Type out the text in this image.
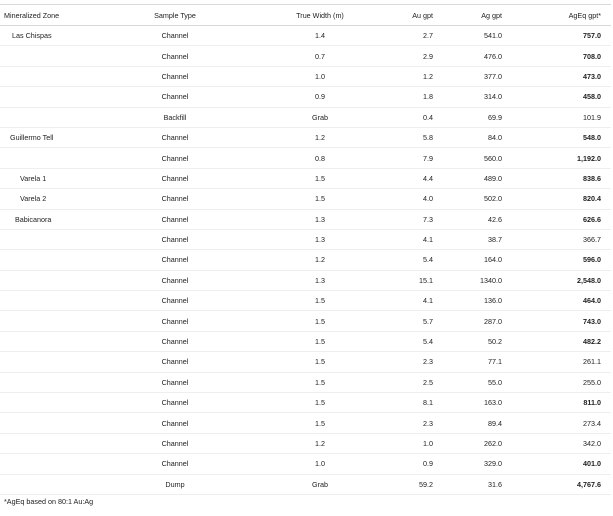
Mineralized Zone	Sample Type	True Width (m)	Au gpt	Ag gpt	AgEq gpt*
Las Chispas	Channel	1.4	2.7	541.0	757.0
	Channel	0.7	2.9	476.0	708.0
	Channel	1.0	1.2	377.0	473.0
	Channel	0.9	1.8	314.0	458.0
	Backfill	Grab	0.4	69.9	101.9
Guillermo Tell	Channel	1.2	5.8	84.0	548.0
	Channel	0.8	7.9	560.0	1,192.0
Varela 1	Channel	1.5	4.4	489.0	838.6
Varela 2	Channel	1.5	4.0	502.0	820.4
Babicanora	Channel	1.3	7.3	42.6	626.6
	Channel	1.3	4.1	38.7	366.7
	Channel	1.2	5.4	164.0	596.0
	Channel	1.3	15.1	1340.0	2,548.0
	Channel	1.5	4.1	136.0	464.0
	Channel	1.5	5.7	287.0	743.0
	Channel	1.5	5.4	50.2	482.2
	Channel	1.5	2.3	77.1	261.1
	Channel	1.5	2.5	55.0	255.0
	Channel	1.5	8.1	163.0	811.0
	Channel	1.5	2.3	89.4	273.4
	Channel	1.2	1.0	262.0	342.0
	Channel	1.0	0.9	329.0	401.0
	Dump	Grab	59.2	31.6	4,767.6
*AgEq based on 80:1 Au:Ag
